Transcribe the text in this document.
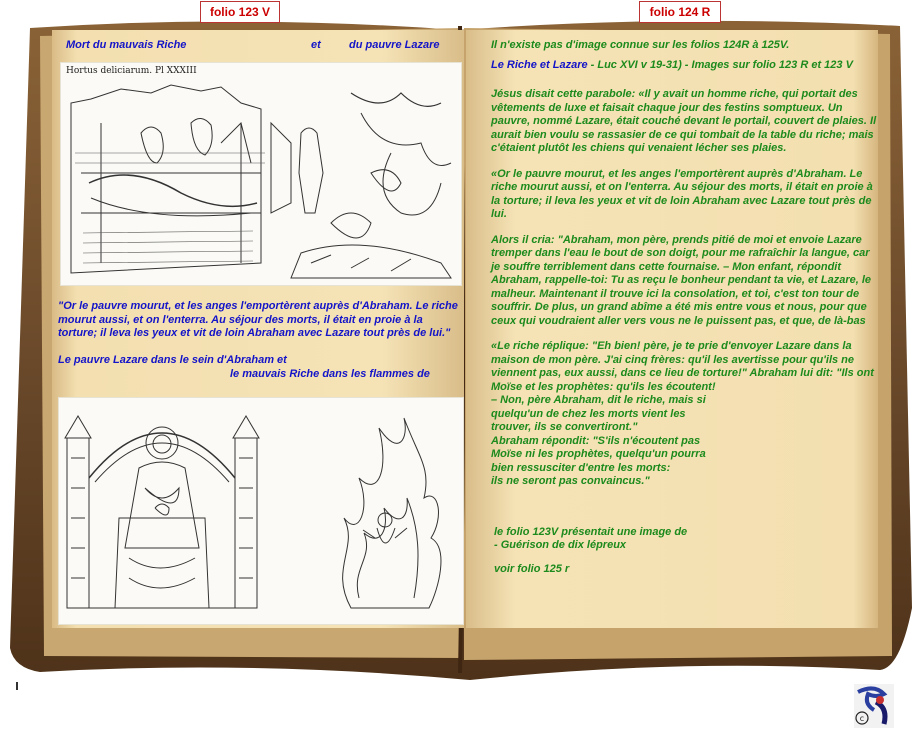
folio 123 V	folio 124 R
Mort du mauvais Riche	et	du pauvre Lazare
Hortus deliciarum. Pl XXXIII
"Or le pauvre mourut, et les anges l'emportèrent auprès d'Abraham. Le riche mourut aussi, et on l'enterra. Au séjour des morts, il était en proie à la torture; il leva les yeux et vit de loin Abraham avec Lazare tout près de lui."
Le pauvre Lazare dans le sein d'Abraham et
le mauvais Riche dans les flammes de
Il n'existe pas d'image connue sur les folios 124R à 125V.
Le Riche et Lazare - Luc XVI v 19-31) - Images sur folio 123 R et 123 V

Jésus disait cette parabole: «Il y avait un homme riche, qui portait des vêtements de luxe et faisait chaque jour des festins somptueux. Un pauvre, nommé Lazare, était couché devant le portail, couvert de plaies. Il aurait bien voulu se rassasier de ce qui tombait de la table du riche; mais c'étaient plutôt les chiens qui venaient lécher ses plaies.

«Or le pauvre mourut, et les anges l'emportèrent auprès d'Abraham. Le riche mourut aussi, et on l'enterra. Au séjour des morts, il était en proie à la torture; il leva les yeux et vit de loin Abraham avec Lazare tout près de lui.

Alors il cria: "Abraham, mon père, prends pitié de moi et envoie Lazare tremper dans l'eau le bout de son doigt, pour me rafraîchir la langue, car je souffre terriblement dans cette fournaise. – Mon enfant, répondit Abraham, rappelle-toi: Tu as reçu le bonheur pendant ta vie, et Lazare, le malheur. Maintenant il trouve ici la consolation, et toi, c'est ton tour de souffrir. De plus, un grand abîme a été mis entre vous et nous, pour que ceux qui voudraient aller vers vous ne le puissent pas, et que, de là-bas

«Le riche réplique: "Eh bien! père, je te prie d'envoyer Lazare dans la maison de mon père. J'ai cinq frères: qu'il les avertisse pour qu'ils ne viennent pas, eux aussi, dans ce lieu de torture!" Abraham lui dit: "Ils ont Moïse et les prophètes: qu'ils les écoutent!

– Non, père Abraham, dit le riche, mais si
quelqu'un de chez les morts vient les
trouver, ils se convertiront."
Abraham répondit: "S'ils n'écoutent pas
Moïse ni les prophètes, quelqu'un pourra
bien ressusciter d'entre les morts:
ils ne seront pas convaincus."
le folio 123V présentait une image de
- Guérison de dix lépreux
voir folio 125 r
c
